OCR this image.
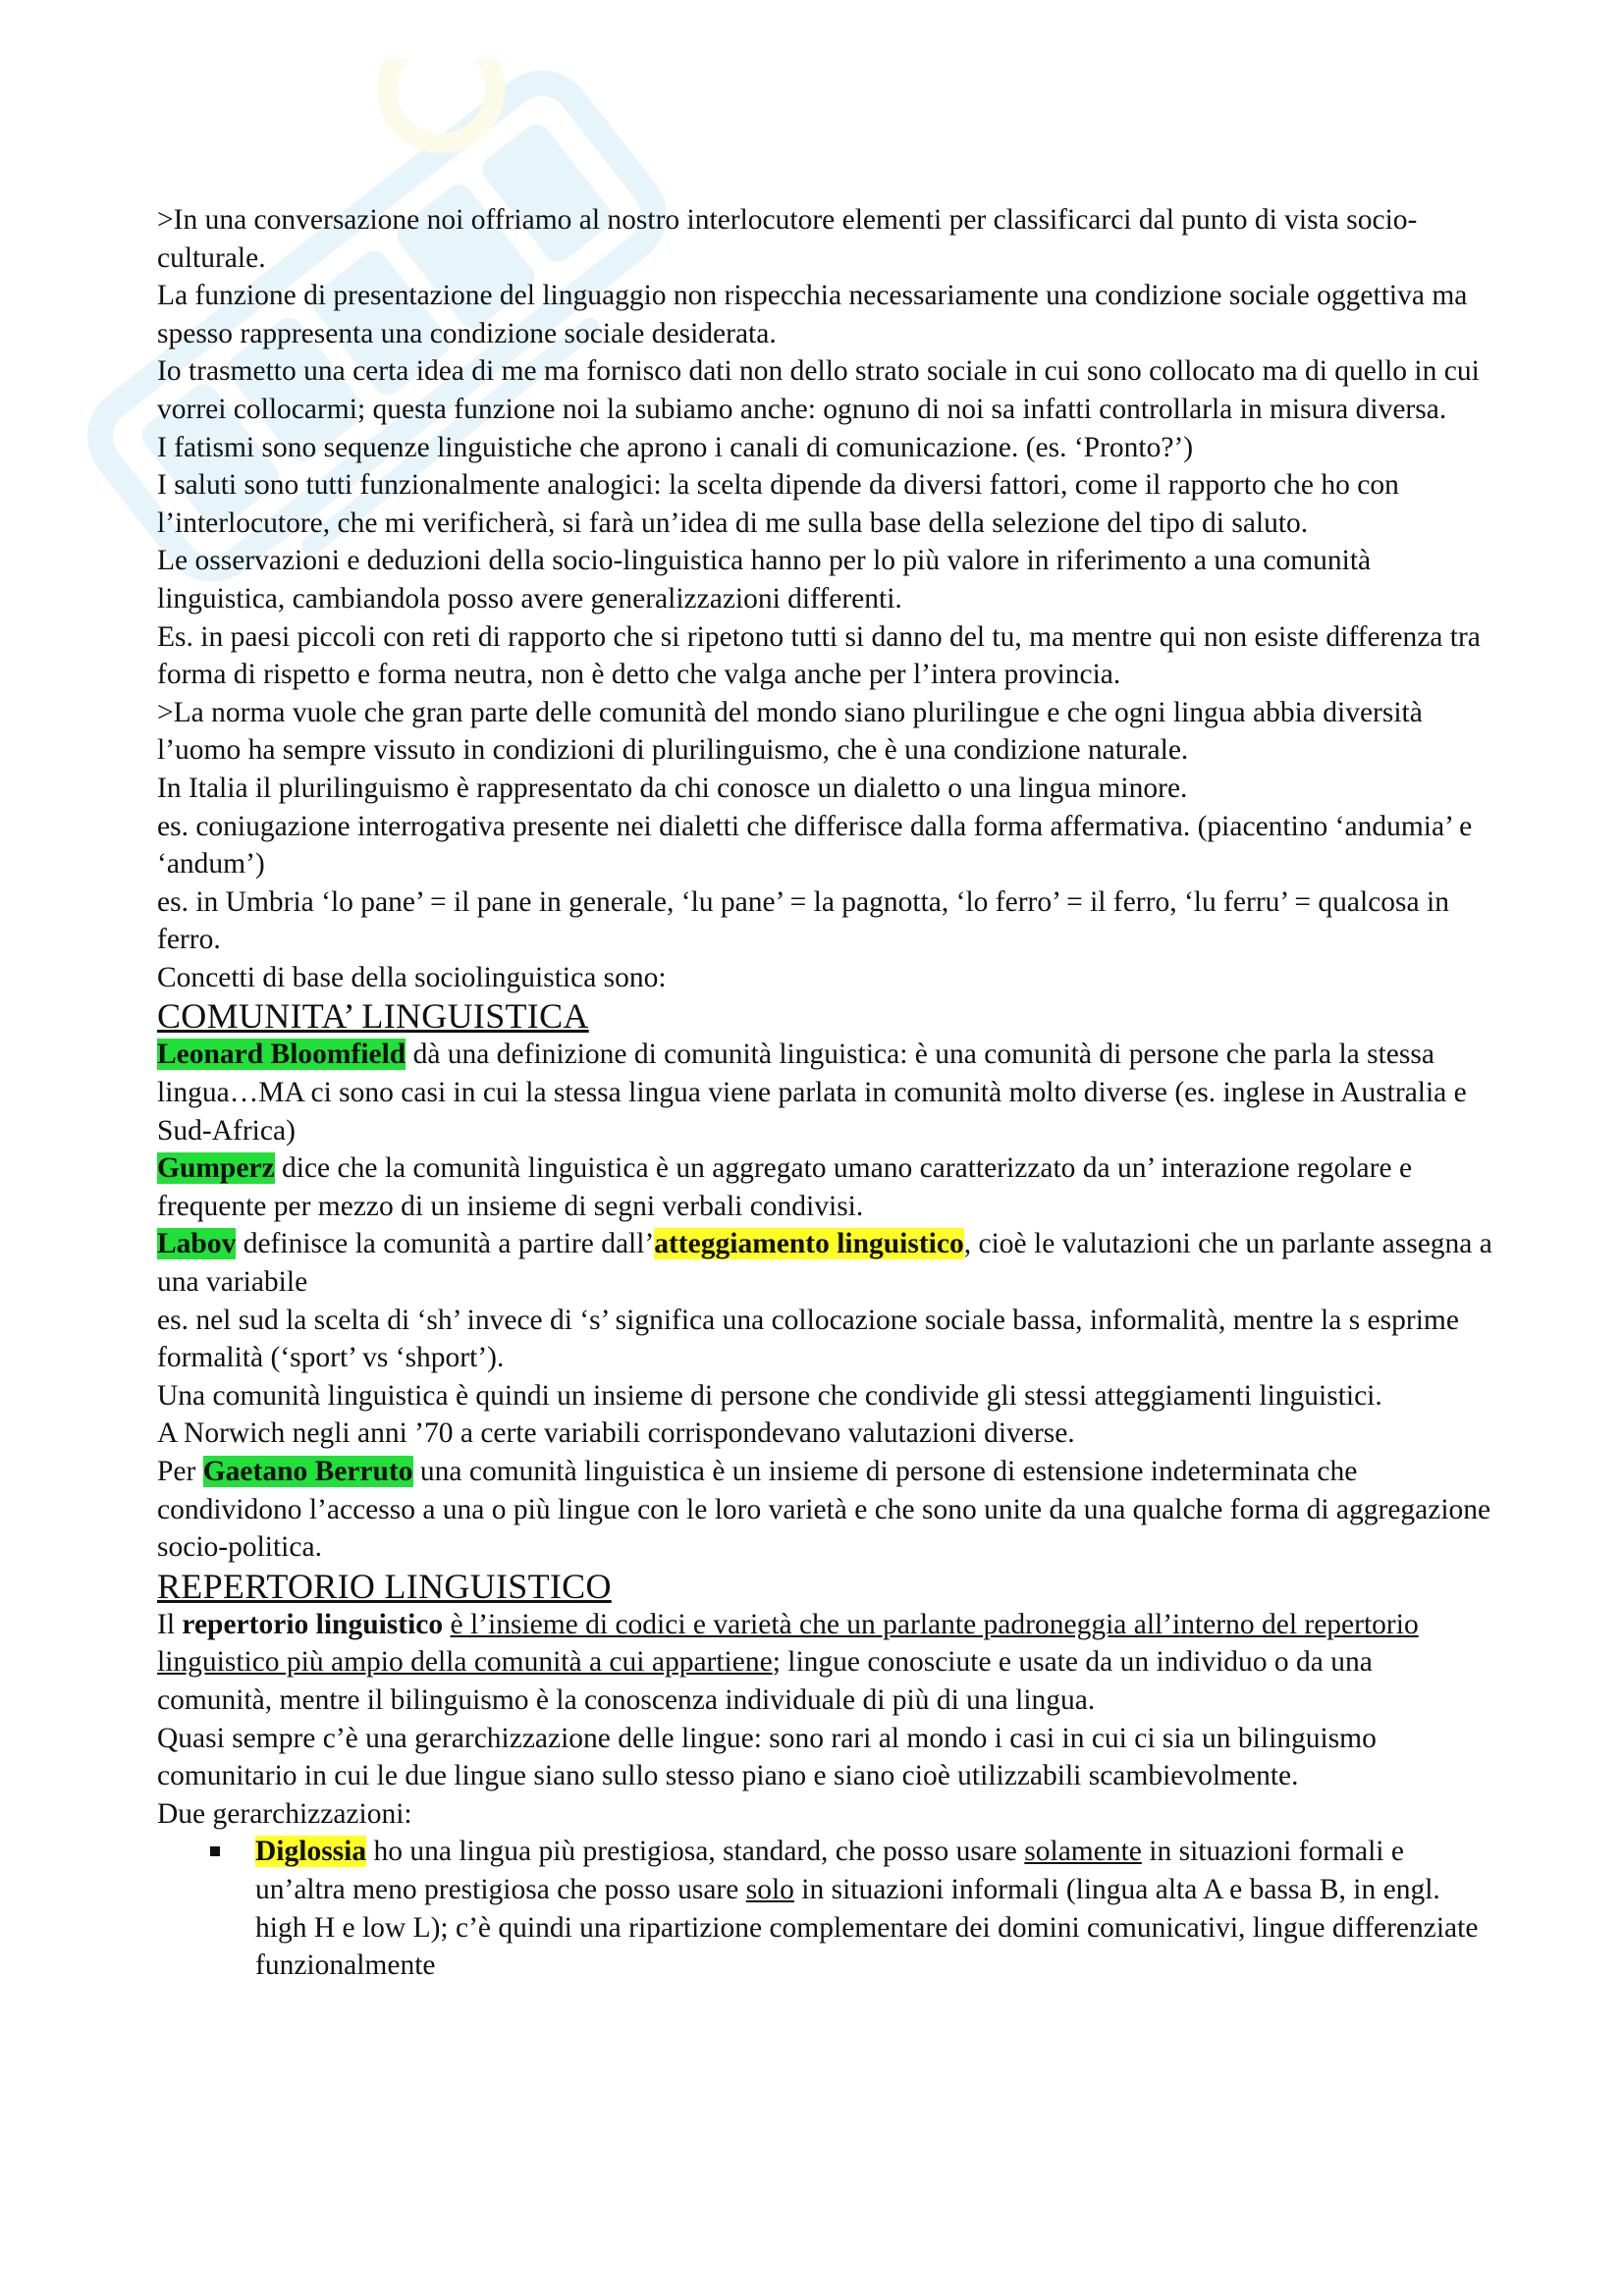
>In una conversazione noi offriamo al nostro interlocutore elementi per classificarci dal punto di vista socio-culturale.

La funzione di presentazione del linguaggio non rispecchia necessariamente una condizione sociale oggettiva ma spesso rappresenta una condizione sociale desiderata.

Io trasmetto una certa idea di me ma fornisco dati non dello strato sociale in cui sono collocato ma di quello in cui vorrei collocarmi; questa funzione noi la subiamo anche: ognuno di noi sa infatti controllarla in misura diversa.

I fatismi sono sequenze linguistiche che aprono i canali di comunicazione. (es. ‘Pronto?’)

I saluti sono tutti funzionalmente analogici: la scelta dipende da diversi fattori, come il rapporto che ho con l’interlocutore, che mi verificherà, si farà un’idea di me sulla base della selezione del tipo di saluto.

Le osservazioni e deduzioni della socio-linguistica hanno per lo più valore in riferimento a una comunità linguistica, cambiandola posso avere generalizzazioni differenti.

Es. in paesi piccoli con reti di rapporto che si ripetono tutti si danno del tu, ma mentre qui non esiste differenza tra forma di rispetto e forma neutra, non è detto che valga anche per l’intera provincia.

>La norma vuole che gran parte delle comunità del mondo siano plurilingue e che ogni lingua abbia diversità l’uomo ha sempre vissuto in condizioni di plurilinguismo, che è una condizione naturale.

In Italia il plurilinguismo è rappresentato da chi conosce un dialetto o una lingua minore.

es. coniugazione interrogativa presente nei dialetti che differisce dalla forma affermativa. (piacentino ‘andumia’ e ‘andum’)

es. in Umbria ‘lo pane’ = il pane in generale, ‘lu pane’ = la pagnotta, ‘lo ferro’ = il ferro, ‘lu ferru’ = qualcosa in ferro.

Concetti di base della sociolinguistica sono:

COMUNITA’ LINGUISTICA

Leonard Bloomfield dà una definizione di comunità linguistica: è una comunità di persone che parla la stessa lingua…MA ci sono casi in cui la stessa lingua viene parlata in comunità molto diverse (es. inglese in Australia e Sud-Africa)

Gumperz dice che la comunità linguistica è un aggregato umano caratterizzato da un’ interazione regolare e frequente per mezzo di un insieme di segni verbali condivisi.

Labov definisce la comunità a partire dall’atteggiamento linguistico, cioè le valutazioni che un parlante assegna a una variabile

es. nel sud la scelta di ‘sh’ invece di ‘s’ significa una collocazione sociale bassa, informalità, mentre la s esprime formalità (‘sport’ vs ‘shport’).

Una comunità linguistica è quindi un insieme di persone che condivide gli stessi atteggiamenti linguistici.

A Norwich negli anni ’70 a certe variabili corrispondevano valutazioni diverse.

Per Gaetano Berruto una comunità linguistica è un insieme di persone di estensione indeterminata che condividono l’accesso a una o più lingue con le loro varietà e che sono unite da una qualche forma di aggregazione socio-politica.

REPERTORIO LINGUISTICO

Il repertorio linguistico è l’insieme di codici e varietà che un parlante padroneggia all’interno del repertorio linguistico più ampio della comunità a cui appartiene; lingue conosciute e usate da un individuo o da una comunità, mentre il bilinguismo è la conoscenza individuale di più di una lingua.

Quasi sempre c’è una gerarchizzazione delle lingue: sono rari al mondo i casi in cui ci sia un bilinguismo comunitario in cui le due lingue siano sullo stesso piano e siano cioè utilizzabili scambievolmente.

Due gerarchizzazioni:

Diglossia ho una lingua più prestigiosa, standard, che posso usare solamente in situazioni formali e un’altra meno prestigiosa che posso usare solo in situazioni informali (lingua alta A e bassa B, in engl. high H e low L); c’è quindi una ripartizione complementare dei domini comunicativi, lingue differenziate funzionalmente
